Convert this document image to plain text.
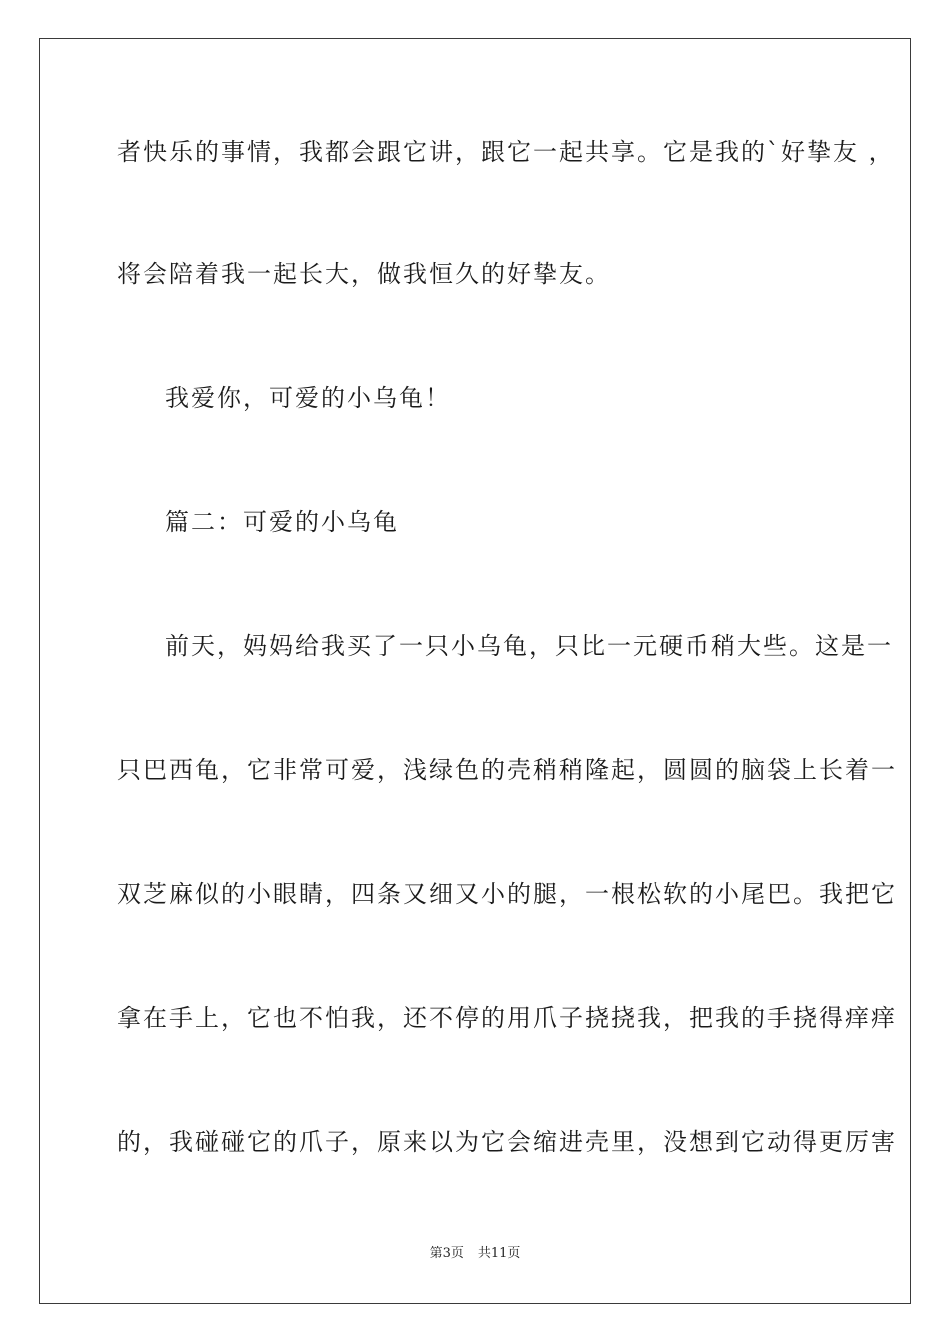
者快乐的事情，我都会跟它讲，跟它一起共享。它是我的`好挚友 ，
将会陪着我一起长大，做我恒久的好挚友。
我爱你，可爱的小乌龟！
篇二：可爱的小乌龟
前天，妈妈给我买了一只小乌龟，只比一元硬币稍大些。这是一
只巴西龟，它非常可爱，浅绿色的壳稍稍隆起，圆圆的脑袋上长着一
双芝麻似的小眼睛，四条又细又小的腿，一根松软的小尾巴。我把它
拿在手上，它也不怕我，还不停的用爪子挠挠我，把我的手挠得痒痒
的，我碰碰它的爪子，原来以为它会缩进壳里，没想到它动得更厉害
第3页 共11页
